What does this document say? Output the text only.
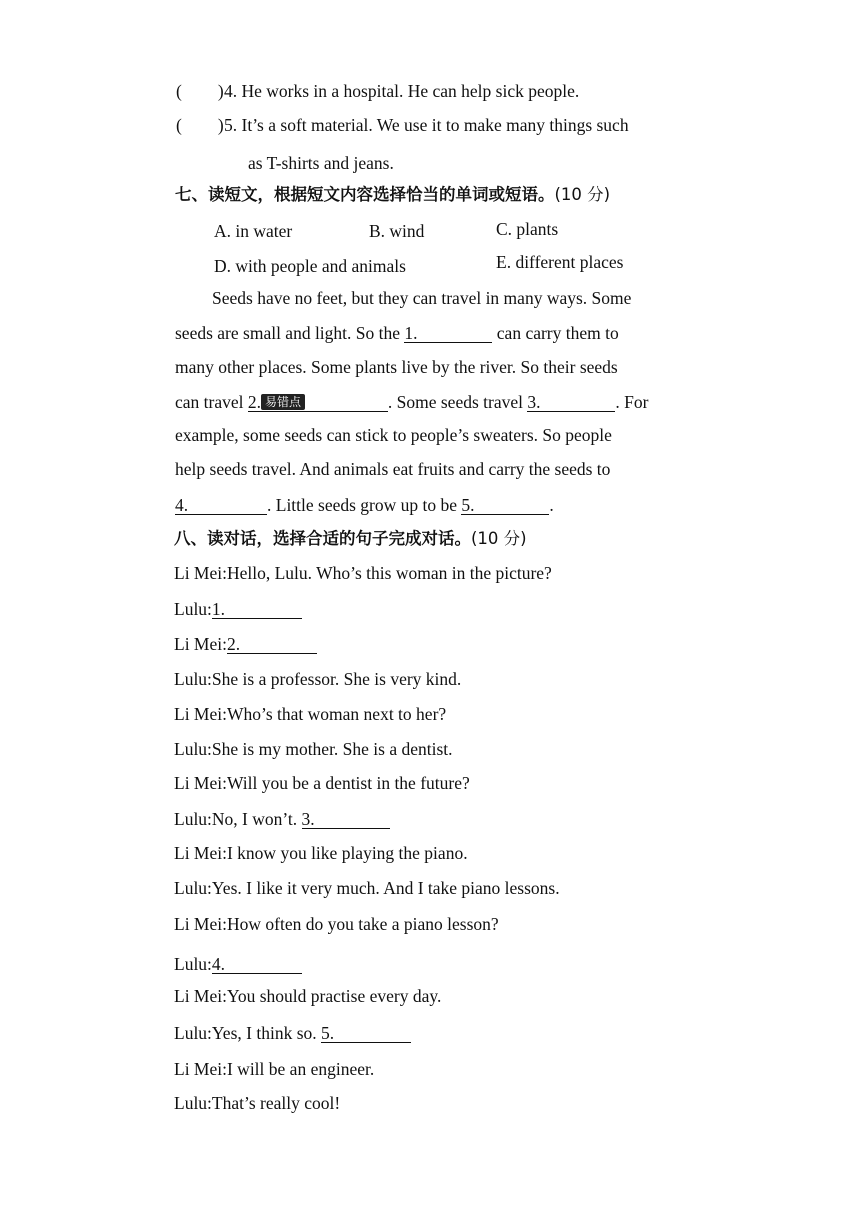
( )4. He works in a hospital. He can help sick people.
( )5. It’s a soft material. We use it to make many things such
as T-shirts and jeans.
七、读短文，根据短文内容选择恰当的单词或短语。(10 分)
A. in water	B. wind	C. plants
D. with people and animals	E. different places
Seeds have no feet, but they can travel in many ways. Some
seeds are small and light. So the 1.	can carry them to
many other places. Some plants live by the river. So their seeds
can travel 2. 易错点	. Some seeds travel 3.	. For
example, some seeds can stick to people’s sweaters. So people
help seeds travel. And animals eat fruits and carry the seeds to
4.	. Little seeds grow up to be 5.	.
八、读对话，选择合适的句子完成对话。(10 分)
Li Mei:Hello, Lulu. Who’s this woman in the picture?
Lulu:1.
Li Mei:2.
Lulu:She is a professor. She is very kind.
Li Mei:Who’s that woman next to her?
Lulu:She is my mother. She is a dentist.
Li Mei:Will you be a dentist in the future?
Lulu:No, I won’t. 3.
Li Mei:I know you like playing the piano.
Lulu:Yes. I like it very much. And I take piano lessons.
Li Mei:How often do you take a piano lesson?
Lulu:4.
Li Mei:You should practise every day.
Lulu:Yes, I think so. 5.
Li Mei:I will be an engineer.
Lulu:That’s really cool!
